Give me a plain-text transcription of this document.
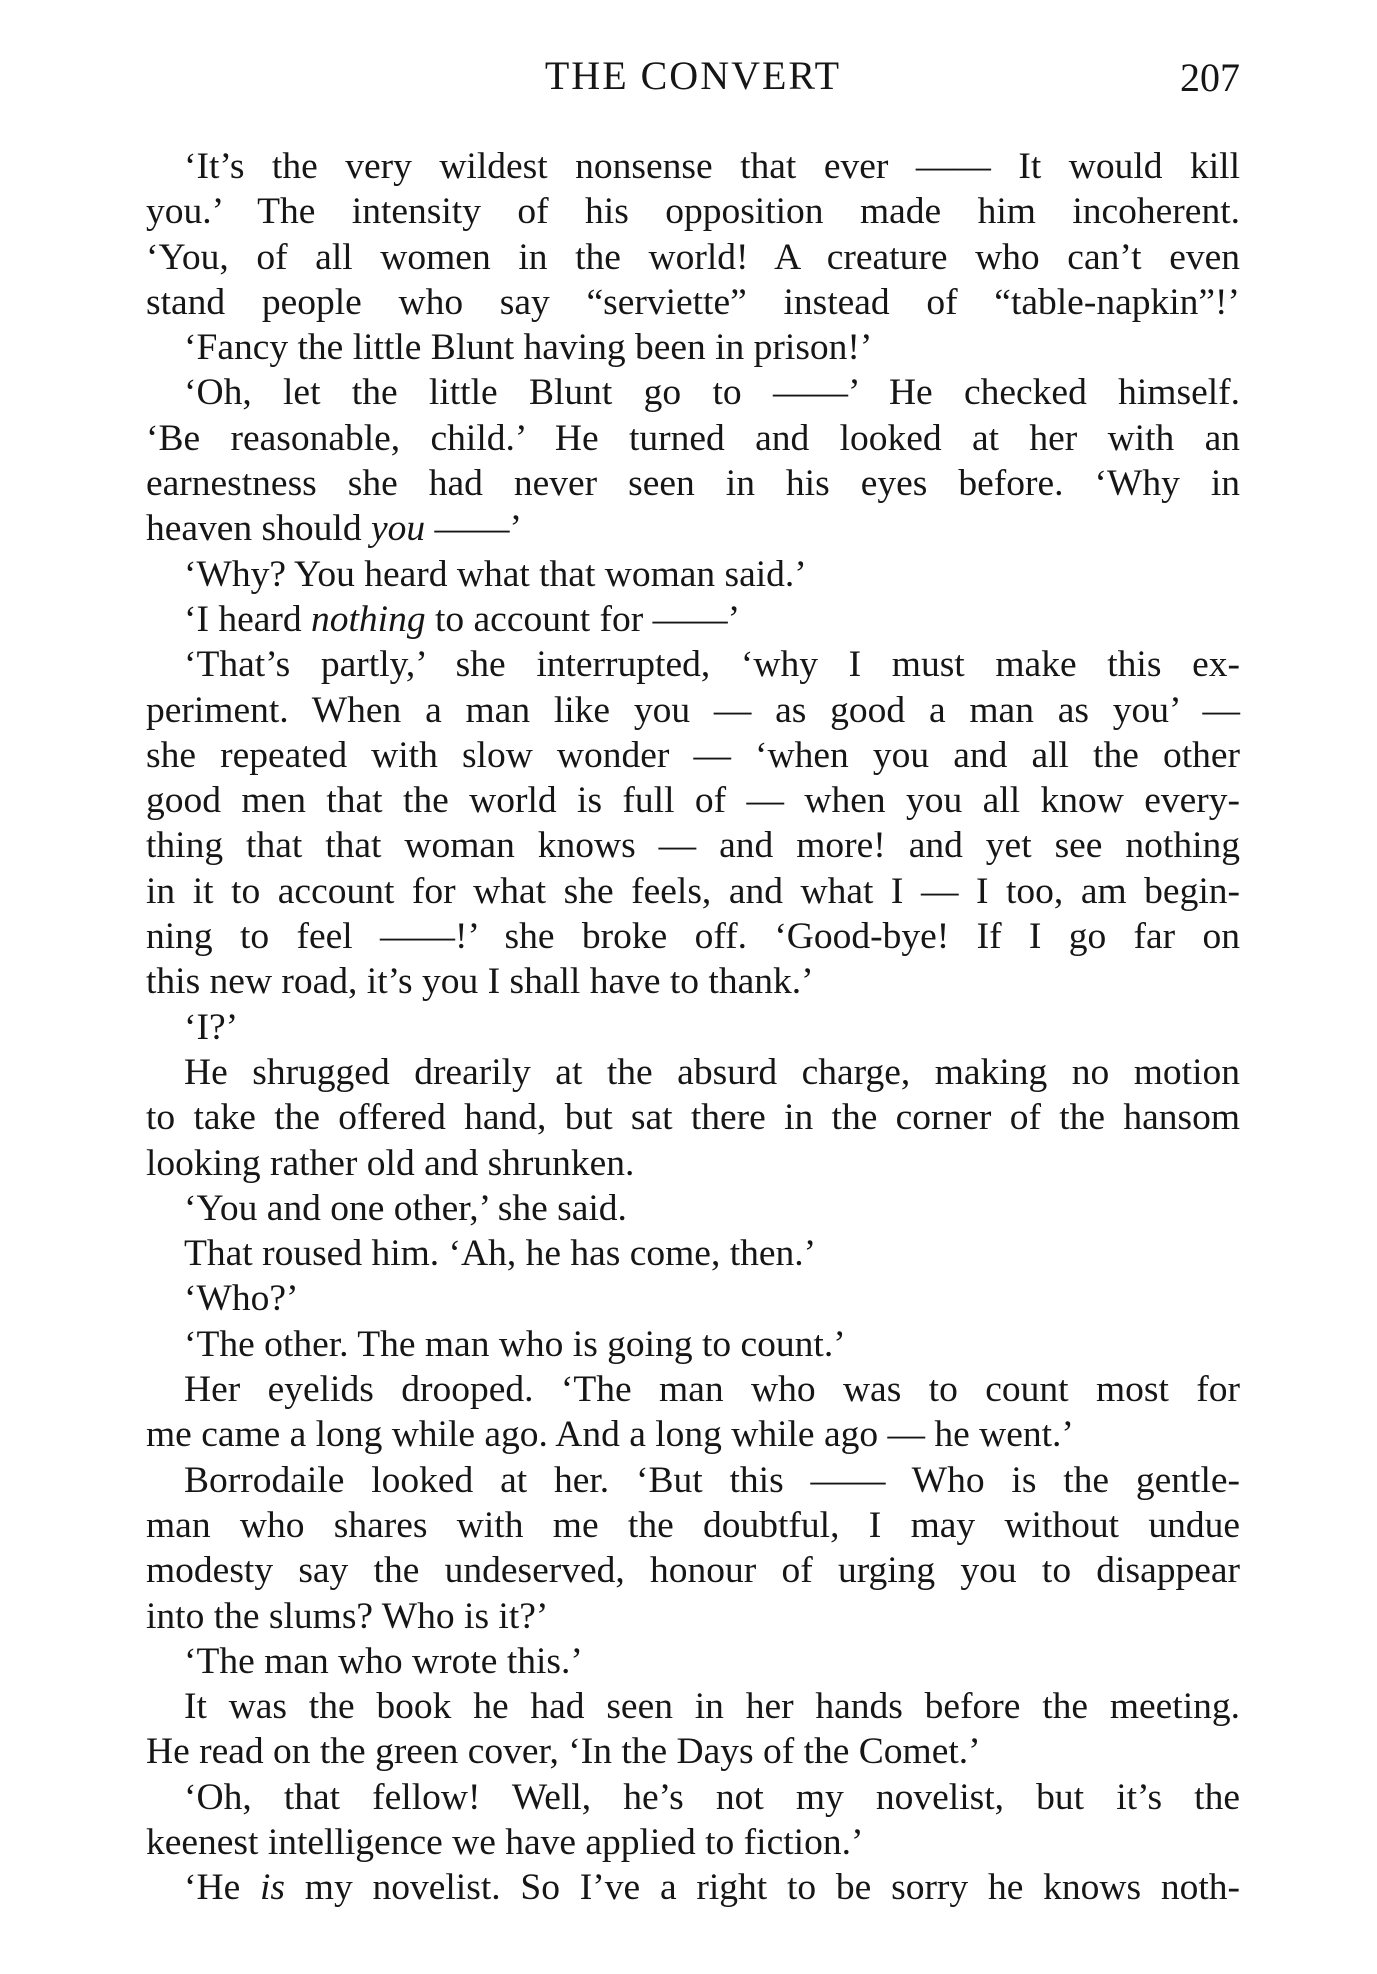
THE CONVERT	207
‘It’s the very wildest nonsense that ever —— It would kill
you.’ The intensity of his opposition made him incoherent.
‘You, of all women in the world! A creature who can’t even
stand people who say “serviette” instead of “table-napkin”!’
‘Fancy the little Blunt having been in prison!’
‘Oh, let the little Blunt go to ——’ He checked himself.
‘Be reasonable, child.’ He turned and looked at her with an
earnestness she had never seen in his eyes before. ‘Why in
heaven should you ——’
‘Why? You heard what that woman said.’
‘I heard nothing to account for ——’
‘That’s partly,’ she interrupted, ‘why I must make this ex-
periment. When a man like you — as good a man as you’ —
she repeated with slow wonder — ‘when you and all the other
good men that the world is full of — when you all know every-
thing that that woman knows — and more! and yet see nothing
in it to account for what she feels, and what I — I too, am begin-
ning to feel ——!’ she broke off. ‘Good-bye! If I go far on
this new road, it’s you I shall have to thank.’
‘I?’
He shrugged drearily at the absurd charge, making no motion
to take the offered hand, but sat there in the corner of the hansom
looking rather old and shrunken.
‘You and one other,’ she said.
That roused him. ‘Ah, he has come, then.’
‘Who?’
‘The other. The man who is going to count.’
Her eyelids drooped. ‘The man who was to count most for
me came a long while ago. And a long while ago — he went.’
Borrodaile looked at her. ‘But this —— Who is the gentle-
man who shares with me the doubtful, I may without undue
modesty say the undeserved, honour of urging you to disappear
into the slums? Who is it?’
‘The man who wrote this.’
It was the book he had seen in her hands before the meeting.
He read on the green cover, ‘In the Days of the Comet.’
‘Oh, that fellow! Well, he’s not my novelist, but it’s the
keenest intelligence we have applied to fiction.’
‘He is my novelist. So I’ve a right to be sorry he knows noth-
